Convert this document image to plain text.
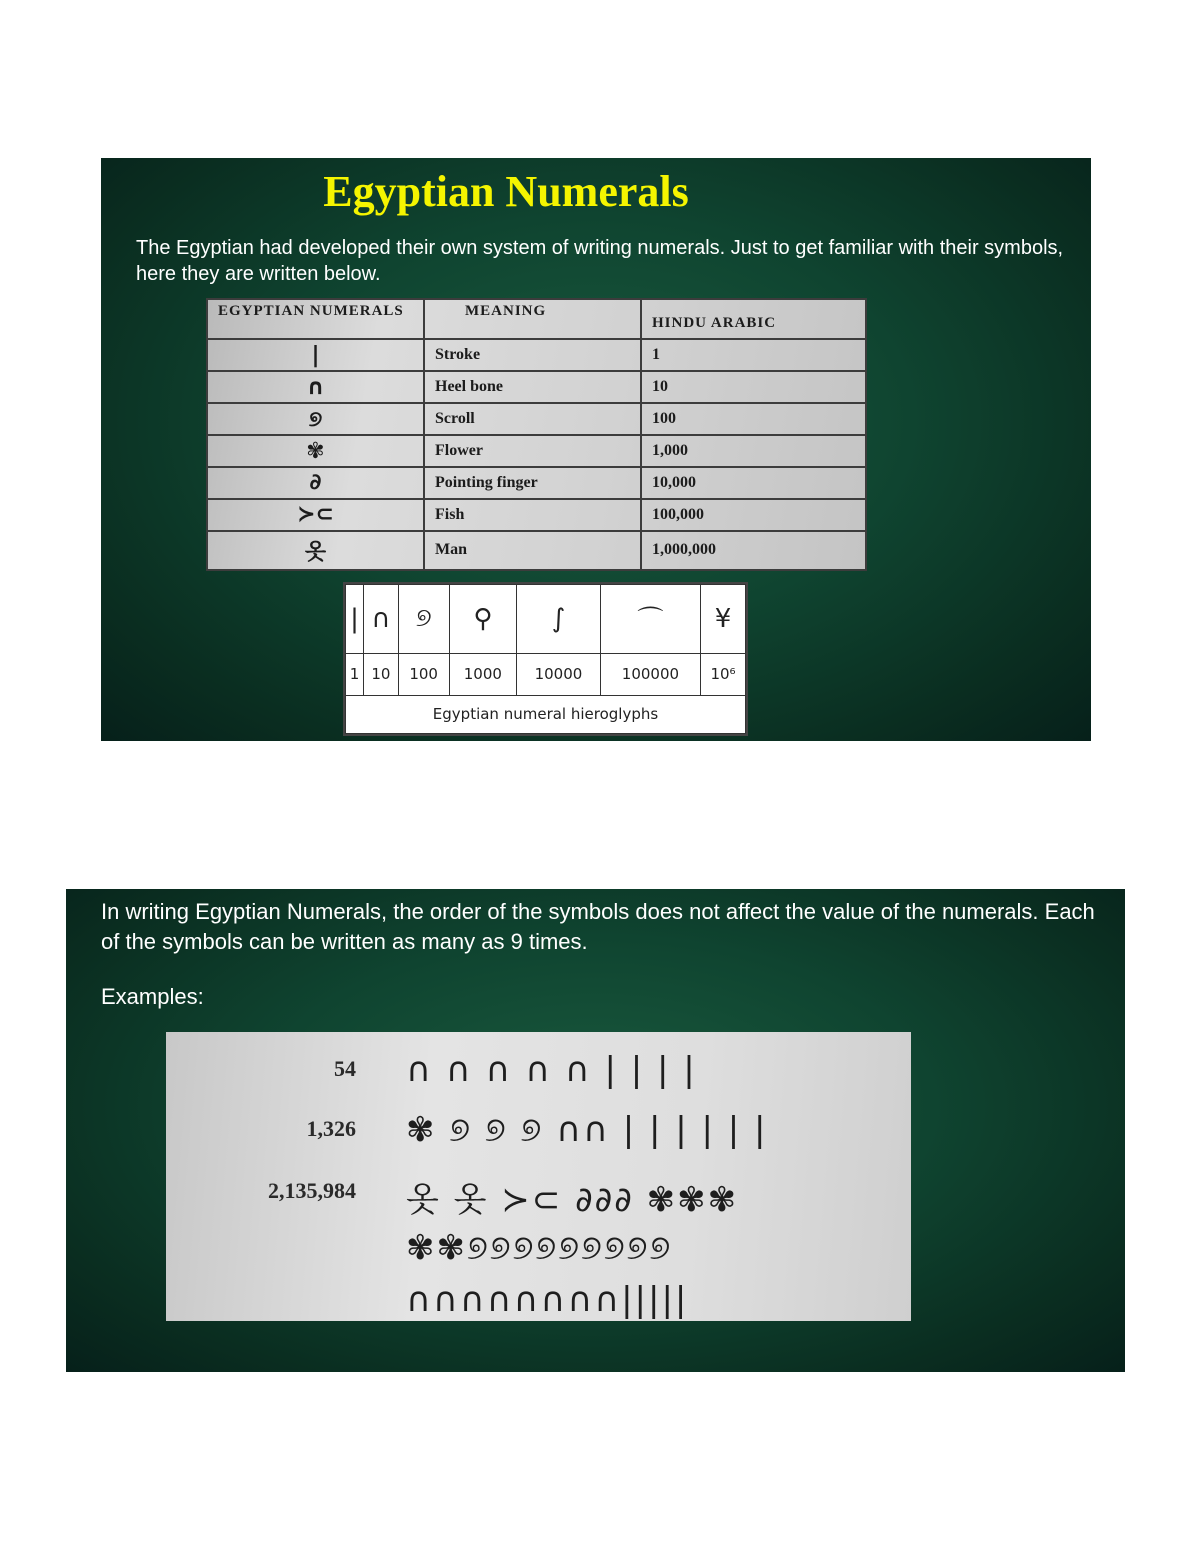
Egyptian Numerals
The Egyptian had developed their own system of writing numerals. Just to get familiar with their symbols, here they are written below.
EGYPTIAN NUMERALS	MEANING	HINDU ARABIC
|	Stroke	1
∩	Heel bone	10
୭	Scroll	100
✾	Flower	1,000
∂	Pointing finger	10,000
≻⊂	Fish	100,000
옷	Man	1,000,000
|	∩	୭	⚲	∫	⌒	¥
1	10	100	1000	10000	100000	10⁶
Egyptian numeral hieroglyphs						
In writing Egyptian Numerals, the order of the symbols does not affect the value of the numerals. Each of the symbols can be written as many as 9 times.
Examples:
54 ∩ ∩ ∩ ∩ ∩ | | | |
1,326 ✾ ୭ ୭ ୭ ∩∩ | | | | | |
2,135,984 옷 옷 ≻⊂ ∂∂∂ ✾✾✾
✾✾୭୭୭୭୭୭୭୭୭
∩∩∩∩∩∩∩∩|||||
